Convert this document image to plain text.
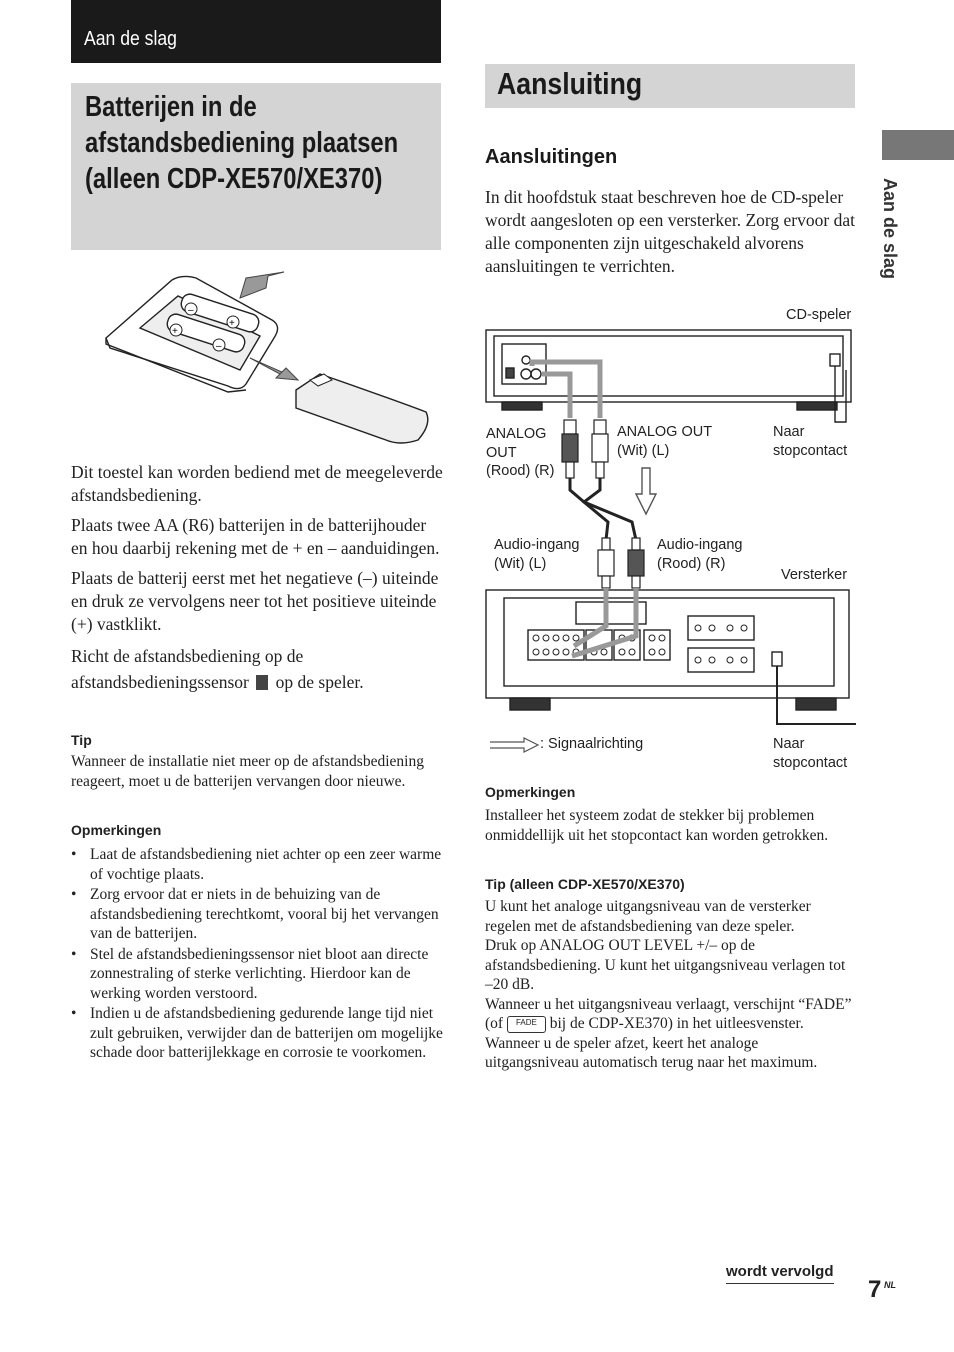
Aan de slag
Batterijen in de afstandsbediening plaatsen (alleen CDP-XE570/XE370)
Aansluiting
Aan de slag
–
+
+
–

Dit toestel kan worden bediend met de meegeleverde afstandsbediening.

Plaats twee AA (R6) batterijen in de batterijhouder en hou daarbij rekening met de + en – aanduidingen.

Plaats de batterij eerst met het negatieve (–) uiteinde en druk ze vervolgens neer tot het positieve uiteinde (+) vastklikt.

Richt de afstandsbediening op de afstandsbedieningssensor op de speler.

Tip
Wanneer de installatie niet meer op de afstandsbediening reageert, moet u de batterijen vervangen door nieuwe.
Opmerkingen
• Laat de afstandsbediening niet achter op een zeer warme of vochtige plaats.
• Zorg ervoor dat er niets in de behuizing van de afstandsbediening terechtkomt, vooral bij het vervangen van de batterijen.
• Stel de afstandsbedieningssensor niet bloot aan directe zonnestraling of sterke verlichting. Hierdoor kan de werking worden verstoord.
• Indien u de afstandsbediening gedurende lange tijd niet zult gebruiken, verwijder dan de batterijen om mogelijke schade door batterijlekkage en corrosie te voorkomen.
Aansluitingen
In dit hoofdstuk staat beschreven hoe de CD-speler wordt aangesloten op een versterker. Zorg ervoor dat alle componenten zijn uitgeschakeld alvorens aansluitingen te verrichten.
CD-speler
ANALOG
OUT
(Rood) (R)
ANALOG OUT
(Wit) (L)
Naar
stopcontact
Audio-ingang
(Wit) (L)
Audio-ingang
(Rood) (R)
Versterker
: Signaalrichting	Naar
stopcontact
Opmerkingen
Installeer het systeem zodat de stekker bij problemen onmiddellijk uit het stopcontact kan worden getrokken.
Tip (alleen CDP-XE570/XE370)
U kunt het analoge uitgangsniveau van de versterker regelen met de afstandsbediening van deze speler.
Druk op ANALOG OUT LEVEL +/– op de afstandsbediening. U kunt het uitgangsniveau verlagen tot –20 dB.
Wanneer u het uitgangsniveau verlaagt, verschijnt “FADE” (of FADE bij de CDP-XE370) in het uitleesvenster.
Wanneer u de speler afzet, keert het analoge uitgangsniveau automatisch terug naar het maximum.
wordt vervolgd
7 NL
